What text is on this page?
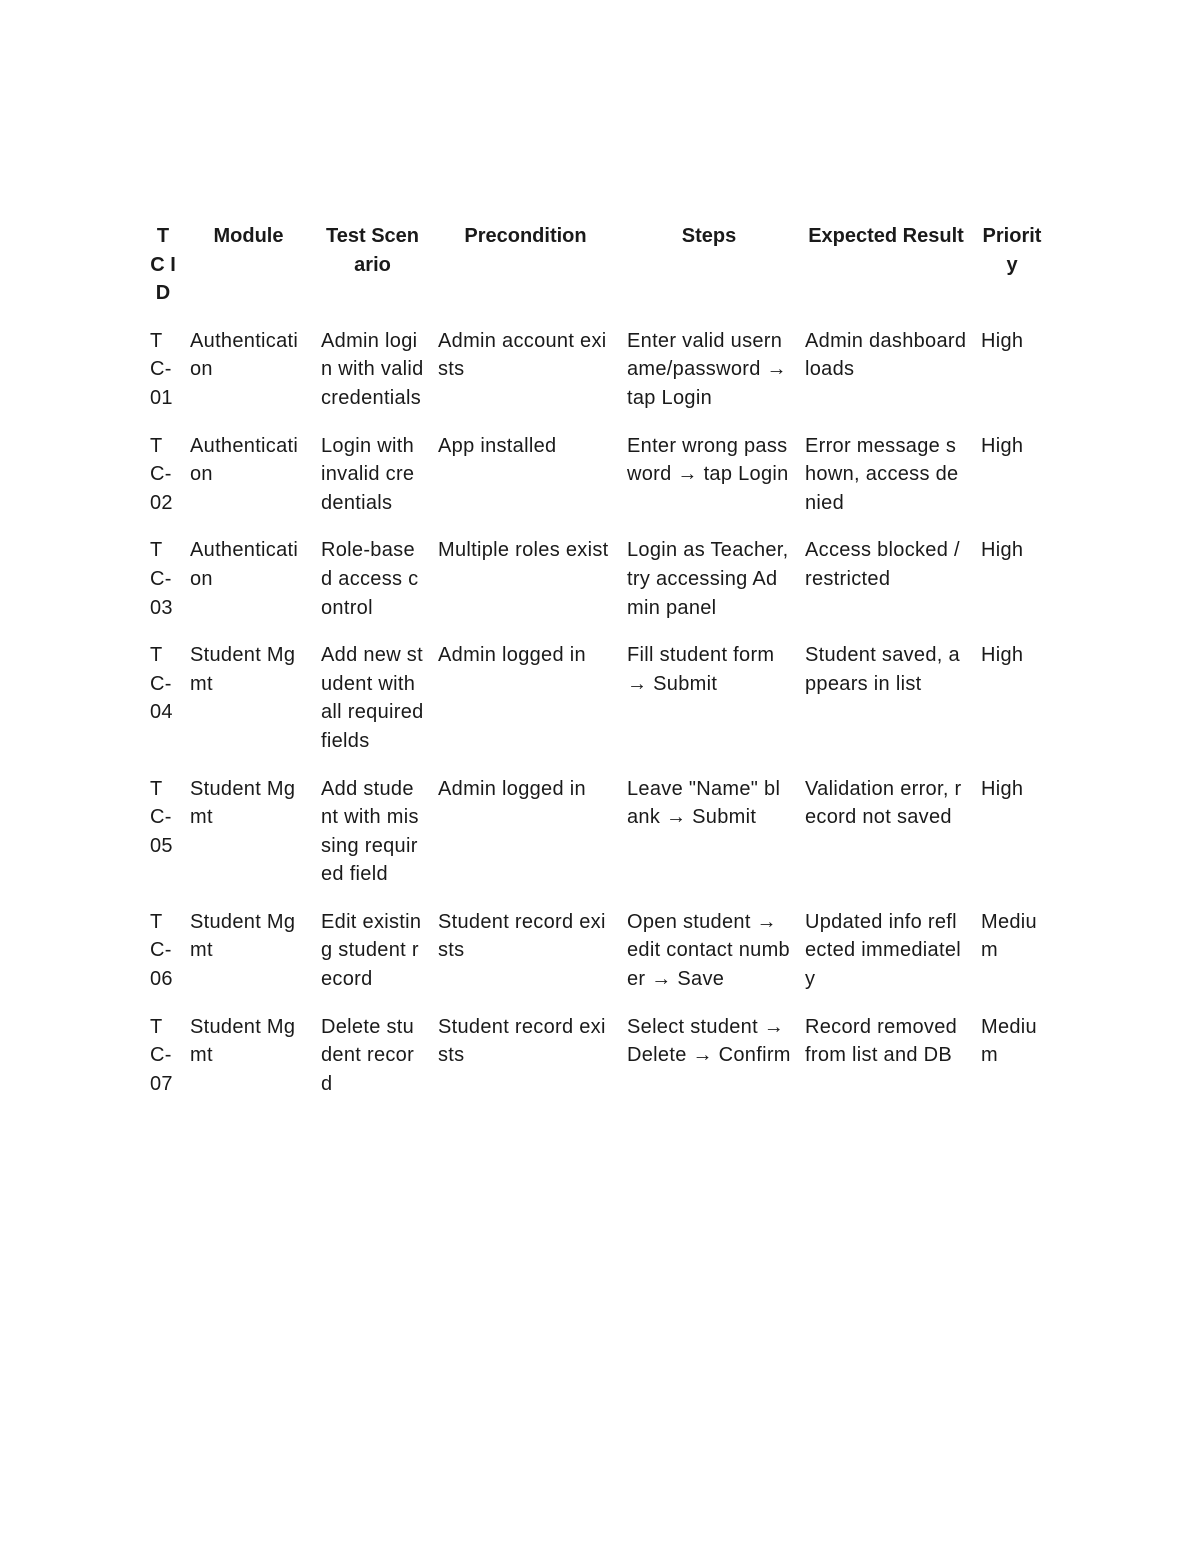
T C ID	Module	Test Scenario	Precondition	Steps	Expected Result	Priority
TC-01	Authentication	Admin login with valid credentials	Admin account exists	Enter valid username/password → tap Login	Admin dashboard loads	High
TC-02	Authentication	Login with invalid credentials	App installed	Enter wrong password → tap Login	Error message shown, access denied	High
TC-03	Authentication	Role-based access control	Multiple roles exist	Login as Teacher, try accessing Admin panel	Access blocked / restricted	High
TC-04	Student Mgmt	Add new student with all required fields	Admin logged in	Fill student form → Submit	Student saved, appears in list	High
TC-05	Student Mgmt	Add student with missing required field	Admin logged in	Leave "Name" blank → Submit	Validation error, record not saved	High
TC-06	Student Mgmt	Edit existing student record	Student record exists	Open student → edit contact number → Save	Updated info reflected immediately	Medium
TC-07	Student Mgmt	Delete student record	Student record exists	Select student → Delete → Confirm	Record removed from list and DB	Medium
